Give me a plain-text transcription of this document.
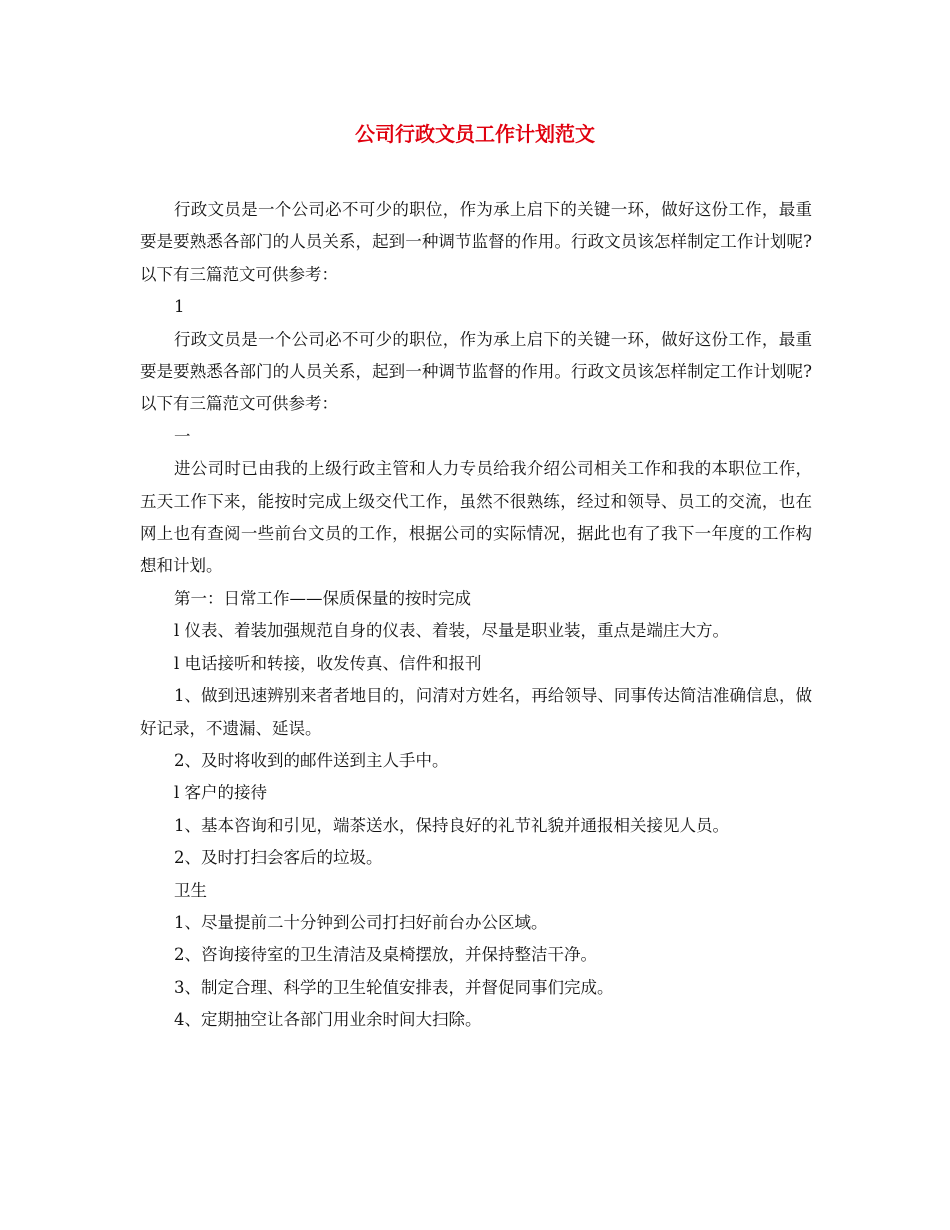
公司行政文员工作计划范文

行政文员是一个公司必不可少的职位，作为承上启下的关键一环，做好这份工作，最重要是要熟悉各部门的人员关系，起到一种调节监督的作用。行政文员该怎样制定工作计划呢?以下有三篇范文可供参考：

1

行政文员是一个公司必不可少的职位，作为承上启下的关键一环，做好这份工作，最重要是要熟悉各部门的人员关系，起到一种调节监督的作用。行政文员该怎样制定工作计划呢?以下有三篇范文可供参考：

一

进公司时已由我的上级行政主管和人力专员给我介绍公司相关工作和我的本职位工作，五天工作下来，能按时完成上级交代工作，虽然不很熟练，经过和领导、员工的交流，也在网上也有查阅一些前台文员的工作，根据公司的实际情况，据此也有了我下一年度的工作构想和计划。

第一：日常工作——保质保量的按时完成

l 仪表、着装加强规范自身的仪表、着装，尽量是职业装，重点是端庄大方。

l 电话接听和转接，收发传真、信件和报刊

1、做到迅速辨别来者者地目的，问清对方姓名，再给领导、同事传达简洁准确信息，做好记录，不遗漏、延误。

2、及时将收到的邮件送到主人手中。

l 客户的接待

1、基本咨询和引见，端茶送水，保持良好的礼节礼貌并通报相关接见人员。

2、及时打扫会客后的垃圾。

卫生

1、尽量提前二十分钟到公司打扫好前台办公区域。

2、咨询接待室的卫生清洁及桌椅摆放，并保持整洁干净。

3、制定合理、科学的卫生轮值安排表，并督促同事们完成。

4、定期抽空让各部门用业余时间大扫除。
